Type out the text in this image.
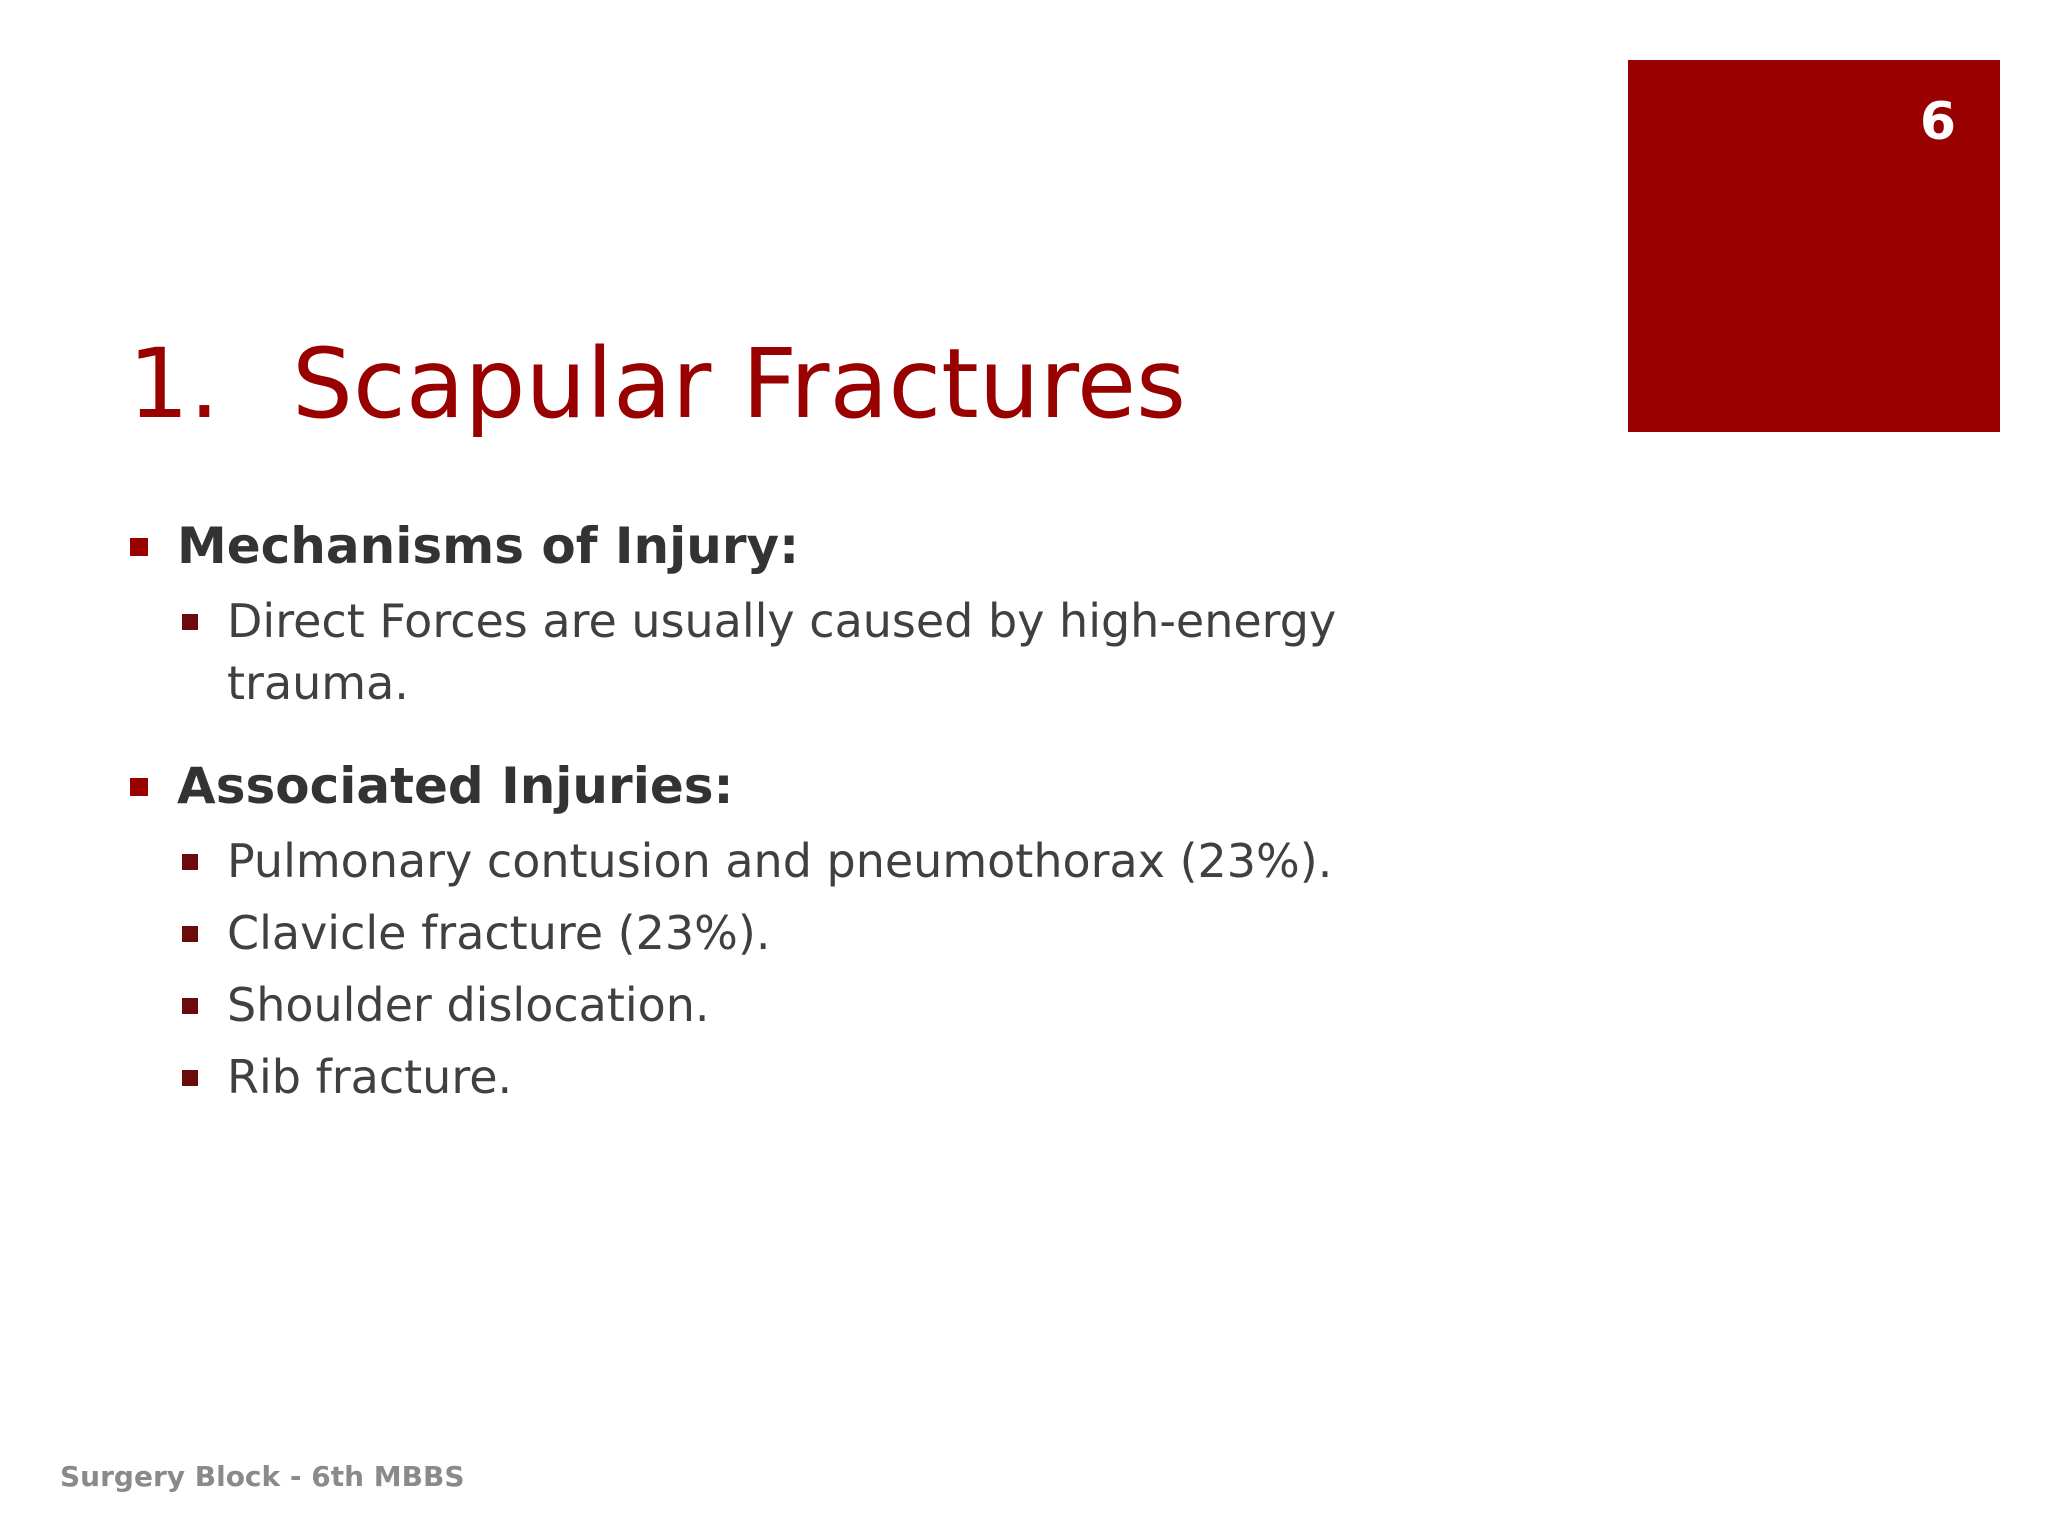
6
1. Scapular Fractures
Mechanisms of Injury:
Direct Forces are usually caused by high-energy trauma.
Associated Injuries:
Pulmonary contusion and pneumothorax (23%).
Clavicle fracture (23%).
Shoulder dislocation.
Rib fracture.
Surgery Block - 6th MBBS
